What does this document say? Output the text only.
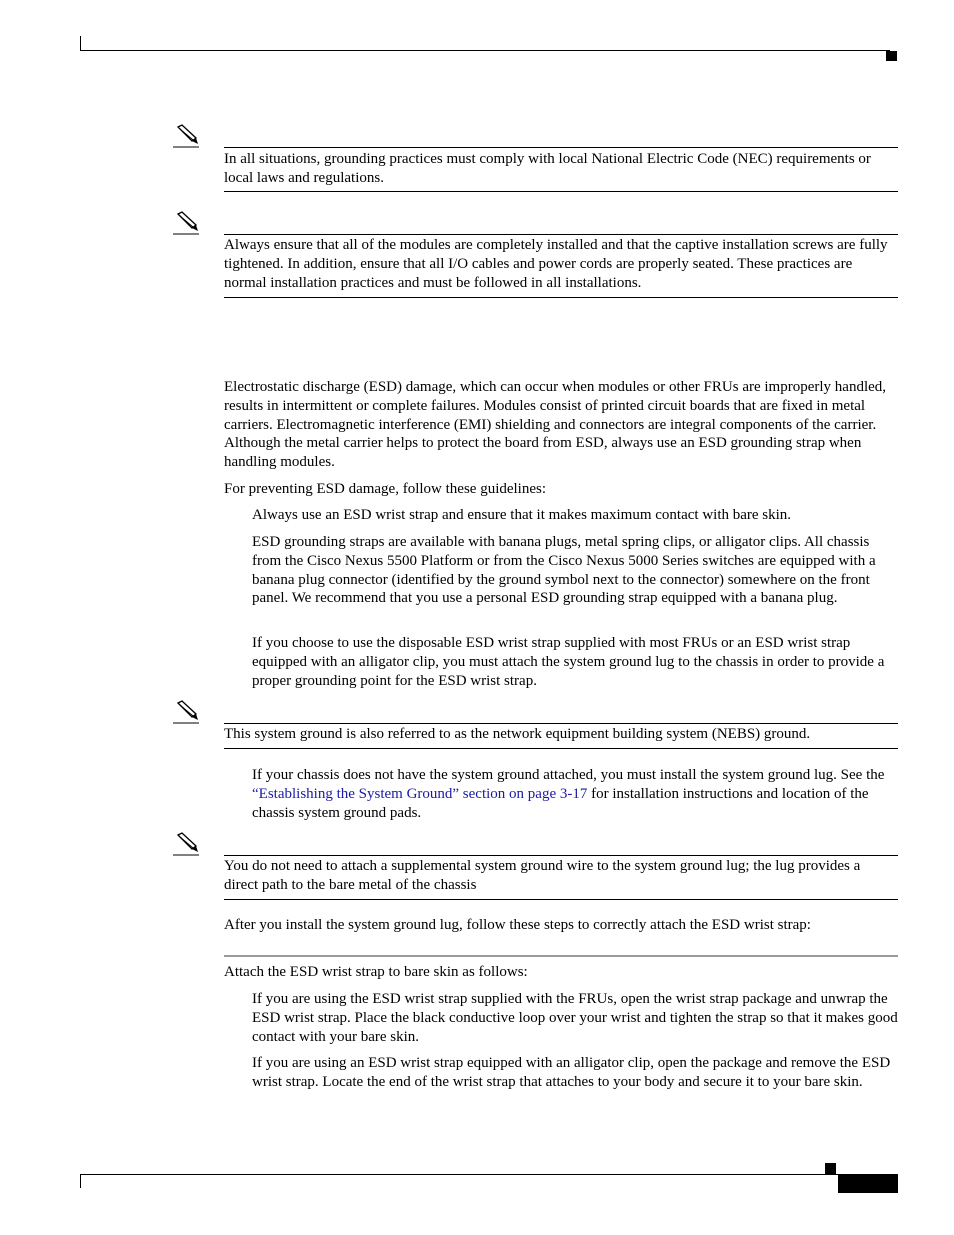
In all situations, grounding practices must comply with local National Electric Code (NEC) requirements or local laws and regulations.
Always ensure that all of the modules are completely installed and that the captive installation screws are fully tightened. In addition, ensure that all I/O cables and power cords are properly seated. These practices are normal installation practices and must be followed in all installations.
Electrostatic discharge (ESD) damage, which can occur when modules or other FRUs are improperly handled, results in intermittent or complete failures. Modules consist of printed circuit boards that are fixed in metal carriers. Electromagnetic interference (EMI) shielding and connectors are integral components of the carrier. Although the metal carrier helps to protect the board from ESD, always use an ESD grounding strap when handling modules.
For preventing ESD damage, follow these guidelines:
Always use an ESD wrist strap and ensure that it makes maximum contact with bare skin.
ESD grounding straps are available with banana plugs, metal spring clips, or alligator clips. All chassis from the Cisco Nexus 5500 Platform or from the Cisco Nexus 5000 Series switches are equipped with a banana plug connector (identified by the ground symbol next to the connector) somewhere on the front panel. We recommend that you use a personal ESD grounding strap equipped with a banana plug.
If you choose to use the disposable ESD wrist strap supplied with most FRUs or an ESD wrist strap equipped with an alligator clip, you must attach the system ground lug to the chassis in order to provide a proper grounding point for the ESD wrist strap.
This system ground is also referred to as the network equipment building system (NEBS) ground.
If your chassis does not have the system ground attached, you must install the system ground lug. See the “Establishing the System Ground” section on page 3-17 for installation instructions and location of the chassis system ground pads.
You do not need to attach a supplemental system ground wire to the system ground lug; the lug provides a direct path to the bare metal of the chassis
After you install the system ground lug, follow these steps to correctly attach the ESD wrist strap:
Attach the ESD wrist strap to bare skin as follows:
If you are using the ESD wrist strap supplied with the FRUs, open the wrist strap package and unwrap the ESD wrist strap. Place the black conductive loop over your wrist and tighten the strap so that it makes good contact with your bare skin.
If you are using an ESD wrist strap equipped with an alligator clip, open the package and remove the ESD wrist strap. Locate the end of the wrist strap that attaches to your body and secure it to your bare skin.
